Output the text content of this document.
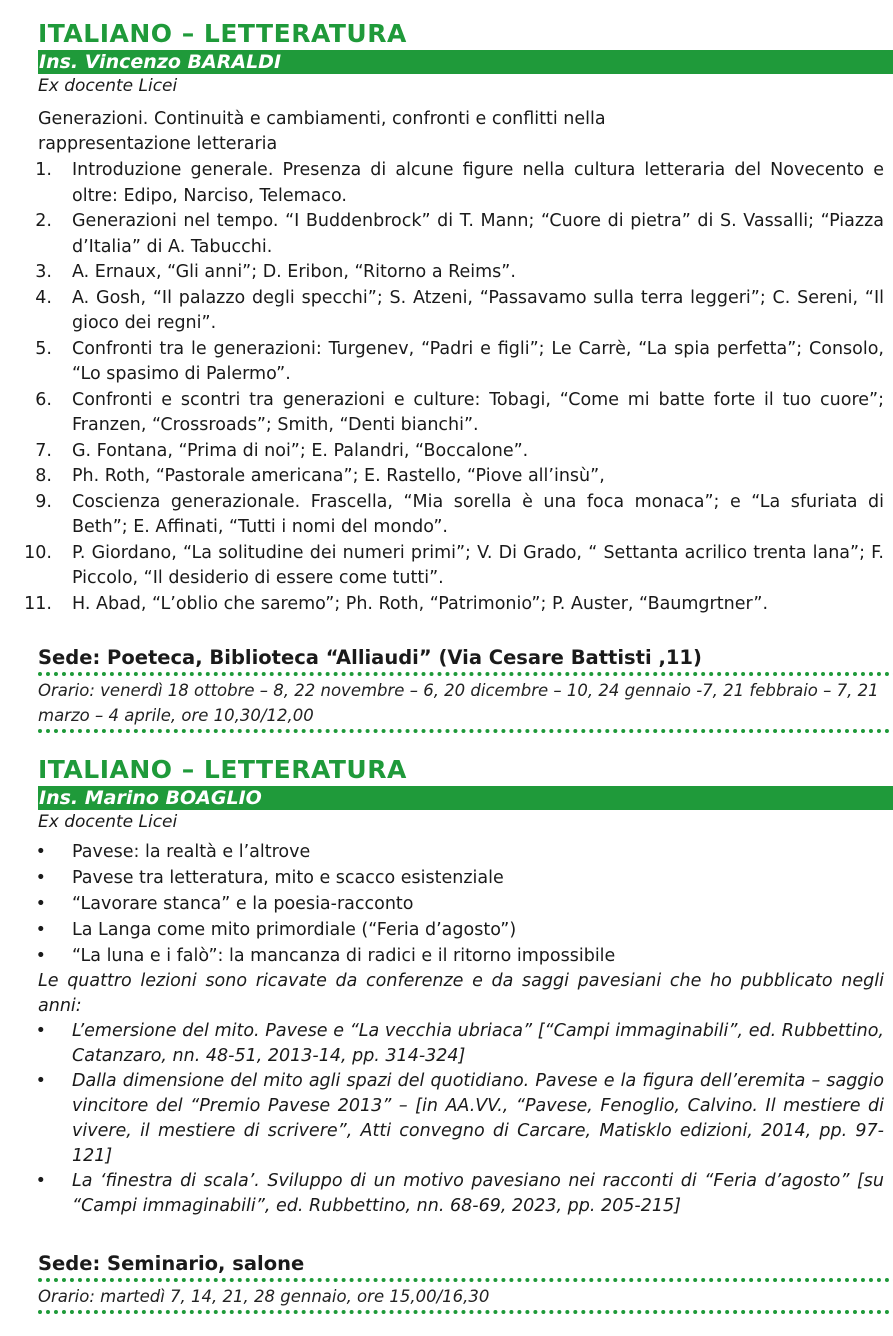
ITALIANO – LETTERATURA
Ins. Vincenzo BARALDI
Ex docente Licei
Generazioni. Continuità e cambiamenti, confronti e conflitti nella rappresentazione letteraria
1.	Introduzione generale. Presenza di alcune figure nella cultura letteraria del Novecento e oltre: Edipo, Narciso, Telemaco.
2.	Generazioni nel tempo. “I Buddenbrock” di T. Mann; “Cuore di pietra” di S. Vassalli; “Piazza d’Italia” di A. Tabucchi.
3.	A. Ernaux, “Gli anni”; D. Eribon, “Ritorno a Reims”.
4.	A. Gosh, “Il palazzo degli specchi”; S. Atzeni, “Passavamo sulla terra leggeri”; C. Sereni, “Il gioco dei regni”.
5.	Confronti tra le generazioni: Turgenev, “Padri e figli”; Le Carrè, “La spia perfetta”; Consolo, “Lo spasimo di Palermo”.
6.	Confronti e scontri tra generazioni e culture: Tobagi, “Come mi batte forte il tuo cuore”; Franzen, “Crossroads”; Smith, “Denti bianchi”.
7.	G. Fontana, “Prima di noi”; E. Palandri, “Boccalone”.
8.	Ph. Roth, “Pastorale americana”; E. Rastello, “Piove all’insù”,
9.	Coscienza generazionale. Frascella, “Mia sorella è una foca monaca”; e “La sfuriata di Beth”; E. Affinati, “Tutti i nomi del mondo”.
10.	P. Giordano, “La solitudine dei numeri primi”; V. Di Grado, “ Settanta acrilico trenta lana”; F. Piccolo, “Il desiderio di essere come tutti”.
11.	H. Abad, “L’oblio che saremo”; Ph. Roth, “Patrimonio”; P. Auster, “Baumgrtner”.
Sede: Poeteca, Biblioteca “Alliaudi” (Via Cesare Battisti ,11)
Orario: venerdì 18 ottobre – 8, 22 novembre – 6, 20 dicembre – 10, 24 gennaio -7, 21 febbraio – 7, 21 marzo – 4 aprile, ore 10,30/12,00
ITALIANO – LETTERATURA
Ins. Marino BOAGLIO
Ex docente Licei
•	Pavese: la realtà e l’altrove
•	Pavese tra letteratura, mito e scacco esistenziale
•	“Lavorare stanca” e la poesia-racconto
•	La Langa come mito primordiale (“Feria d’agosto”)
•	“La luna e i falò”: la mancanza di radici e il ritorno impossibile
Le quattro lezioni sono ricavate da conferenze e da saggi pavesiani che ho pubblicato negli anni:
•	L’emersione del mito. Pavese e “La vecchia ubriaca” [“Campi immaginabili”, ed. Rubbettino, Catanzaro, nn. 48-51, 2013-14, pp. 314-324]
•	Dalla dimensione del mito agli spazi del quotidiano. Pavese e la figura dell’eremita – saggio vincitore del “Premio Pavese 2013” – [in AA.VV., “Pavese, Fenoglio, Calvino. Il mestiere di vivere, il mestiere di scrivere”, Atti convegno di Carcare, Matisklo edizioni, 2014, pp. 97-121]
•	La ‘finestra di scala’. Sviluppo di un motivo pavesiano nei racconti di “Feria d’agosto” [su “Campi immaginabili”, ed. Rubbettino, nn. 68-69, 2023, pp. 205-215]
Sede: Seminario, salone
Orario: martedì 7, 14, 21, 28 gennaio, ore 15,00/16,30
